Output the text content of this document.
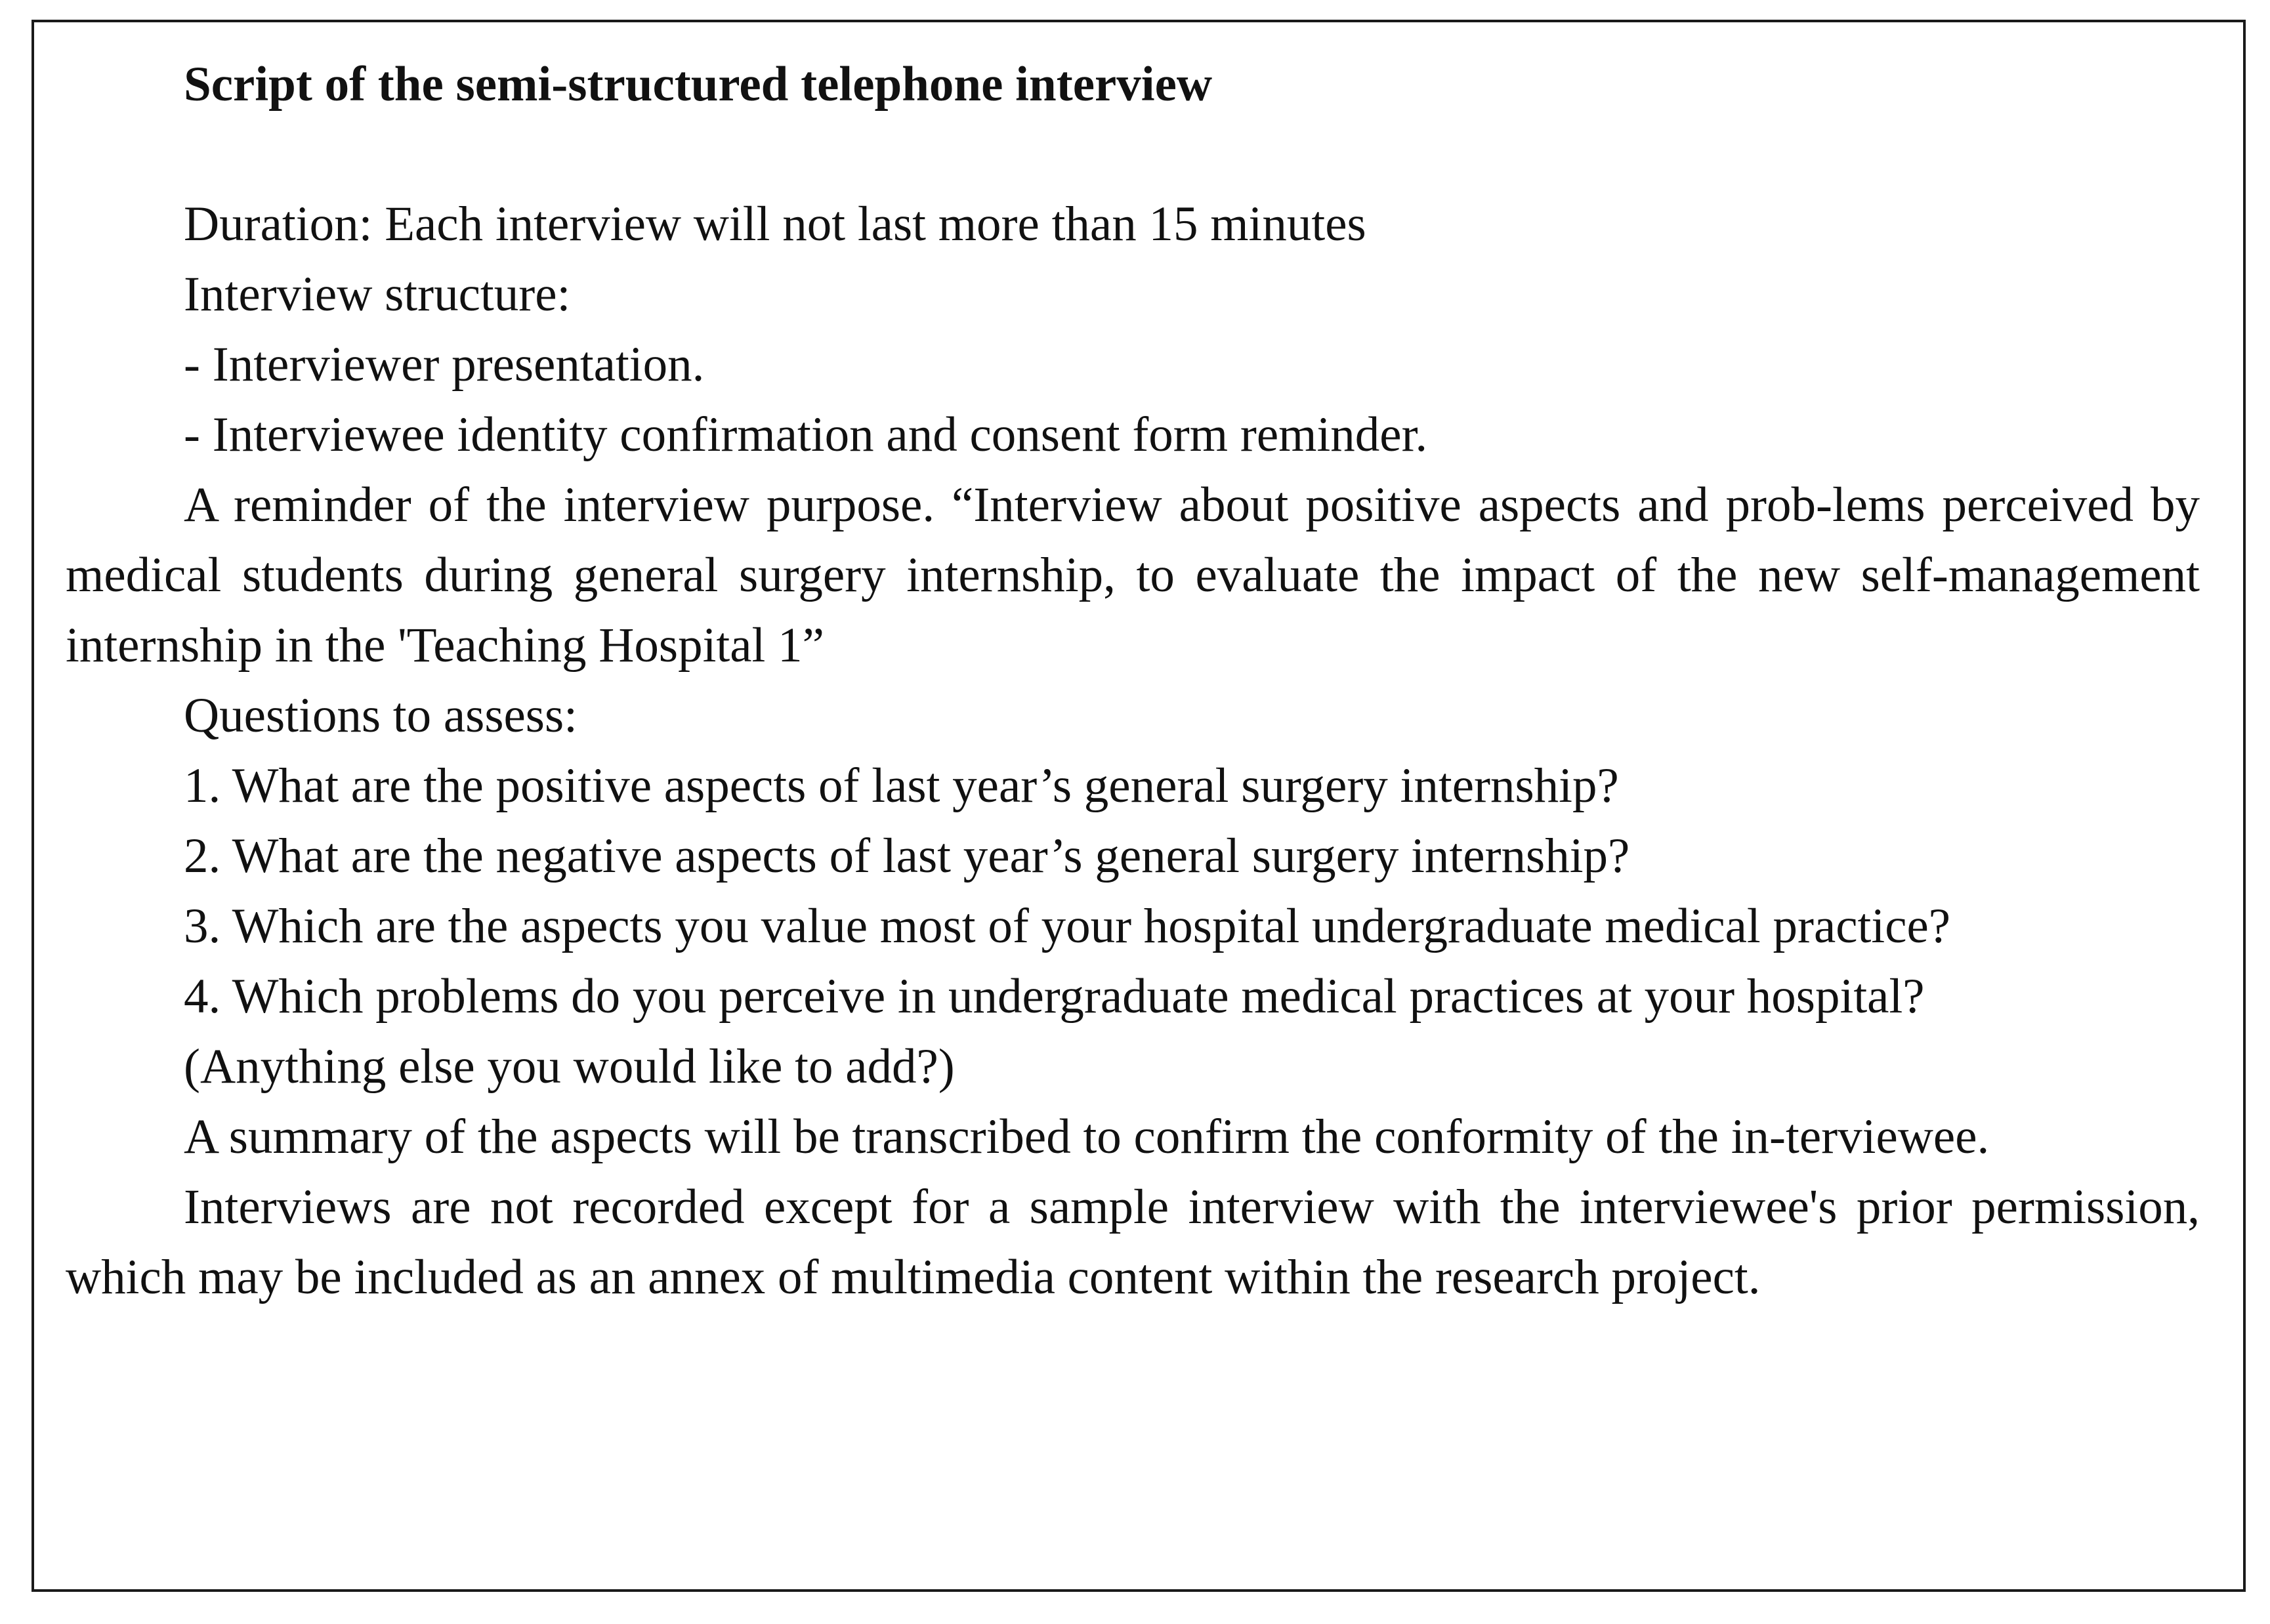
Script of the semi-structured telephone interview

Duration: Each interview will not last more than 15 minutes

Interview structure:

- Interviewer presentation.

- Interviewee identity confirmation and consent form reminder.

A reminder of the interview purpose. “Interview about positive aspects and prob-lems perceived by medical students during general surgery internship, to evaluate the impact of the new self-management internship in the 'Teaching Hospital 1”

Questions to assess:

1. What are the positive aspects of last year’s general surgery internship?

2. What are the negative aspects of last year’s general surgery internship?

3. Which are the aspects you value most of your hospital undergraduate medical practice?

4. Which problems do you perceive in undergraduate medical practices at your hospital?

(Anything else you would like to add?)

A summary of the aspects will be transcribed to confirm the conformity of the in-terviewee.

Interviews are not recorded except for a sample interview with the interviewee's prior permission, which may be included as an annex of multimedia content within the research project.
